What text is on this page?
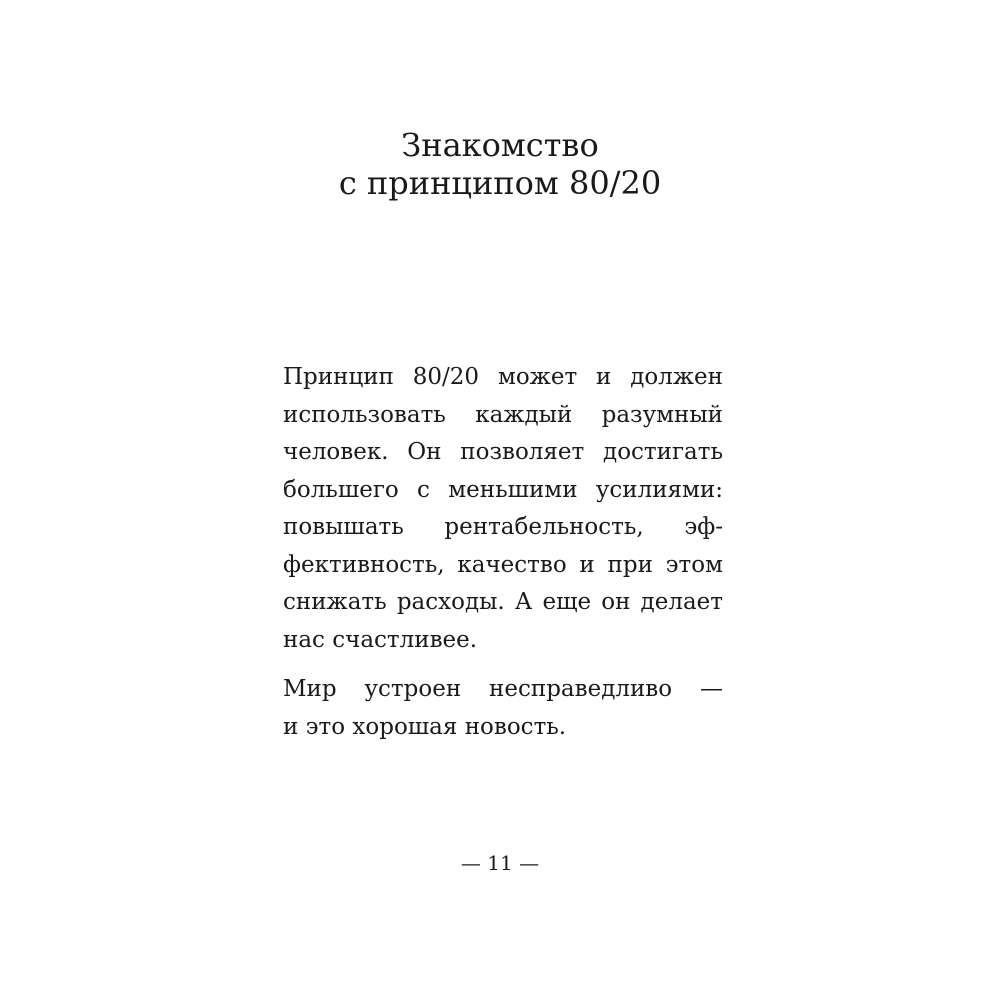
Знакомство
с принципом 80/20

Принцип 80/20 может и должен
использовать каждый разумный
человек. Он позволяет достигать
большего с меньшими усилиями:
повышать рентабельность, эф-
фективность, качество и при этом
снижать расходы. А еще он делает
нас счастливее.

Мир устроен несправедливо —
и это хорошая новость.

— 11 —
